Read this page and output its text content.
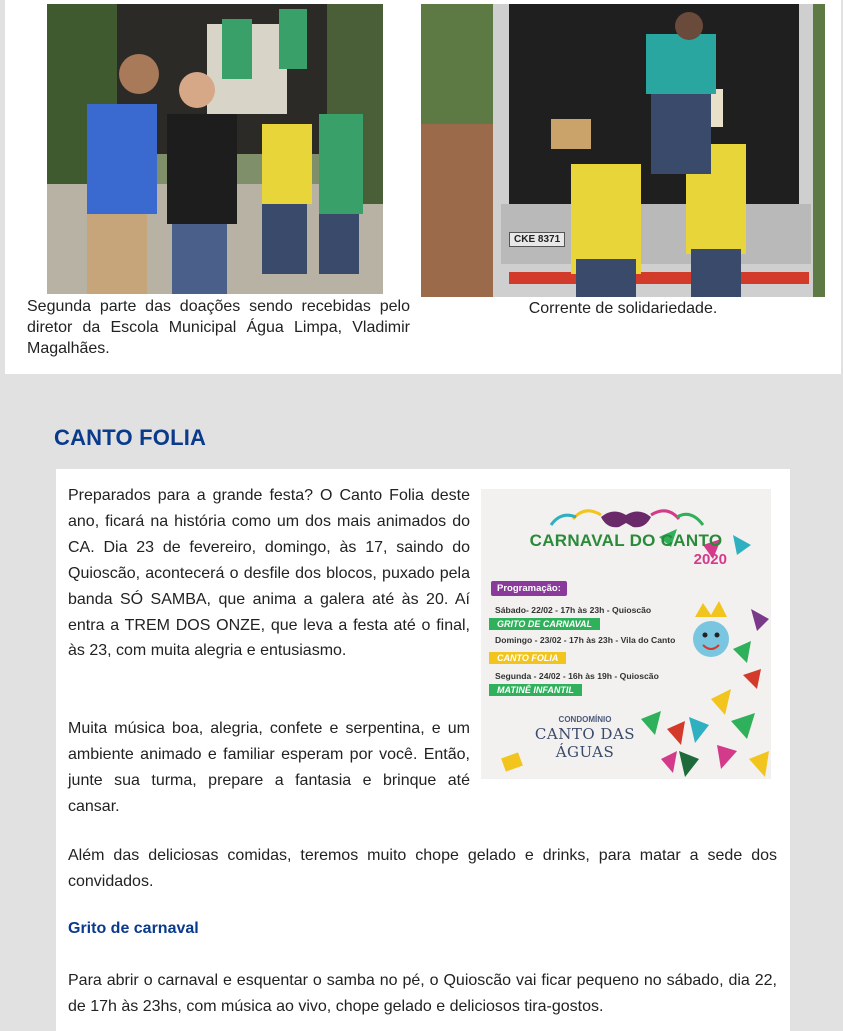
Segunda parte das doações sendo recebidas pelo diretor da Escola Municipal Água Limpa, Vladimir Magalhães.
CKE 8371
Corrente de solidariedade.
CANTO FOLIA

Preparados para a grande festa? O Canto Folia deste ano, ficará na história como um dos mais animados do CA. Dia 23 de fevereiro, domingo, às 17, saindo do Quioscão, acontecerá o desfile dos blocos, puxado pela banda SÓ SAMBA, que anima a galera até às 20. Aí entra a TREM DOS ONZE, que leva a festa até o final, às 23, com muita alegria e entusiasmo.

CARNAVAL DO CANTO
2020
Programação:
Sábado- 22/02 - 17h às 23h - Quioscão
GRITO DE CARNAVAL
Domingo - 23/02 - 17h às 23h - Vila do Canto
CANTO FOLIA
Segunda - 24/02 - 16h às 19h - Quioscão
MATINÊ INFANTIL
CONDOMÍNIO
CANTO DAS ÁGUAS

Muita música boa, alegria, confete e serpentina, e um ambiente animado e familiar esperam por você. Então, junte sua turma, prepare a fantasia e brinque até cansar.

Além das deliciosas comidas, teremos muito chope gelado e drinks, para matar a sede dos convidados.

Grito de carnaval

Para abrir o carnaval e esquentar o samba no pé, o Quioscão vai ficar pequeno no sábado, dia 22, de 17h às 23hs, com música ao vivo, chope gelado e deliciosos tira-gostos.
